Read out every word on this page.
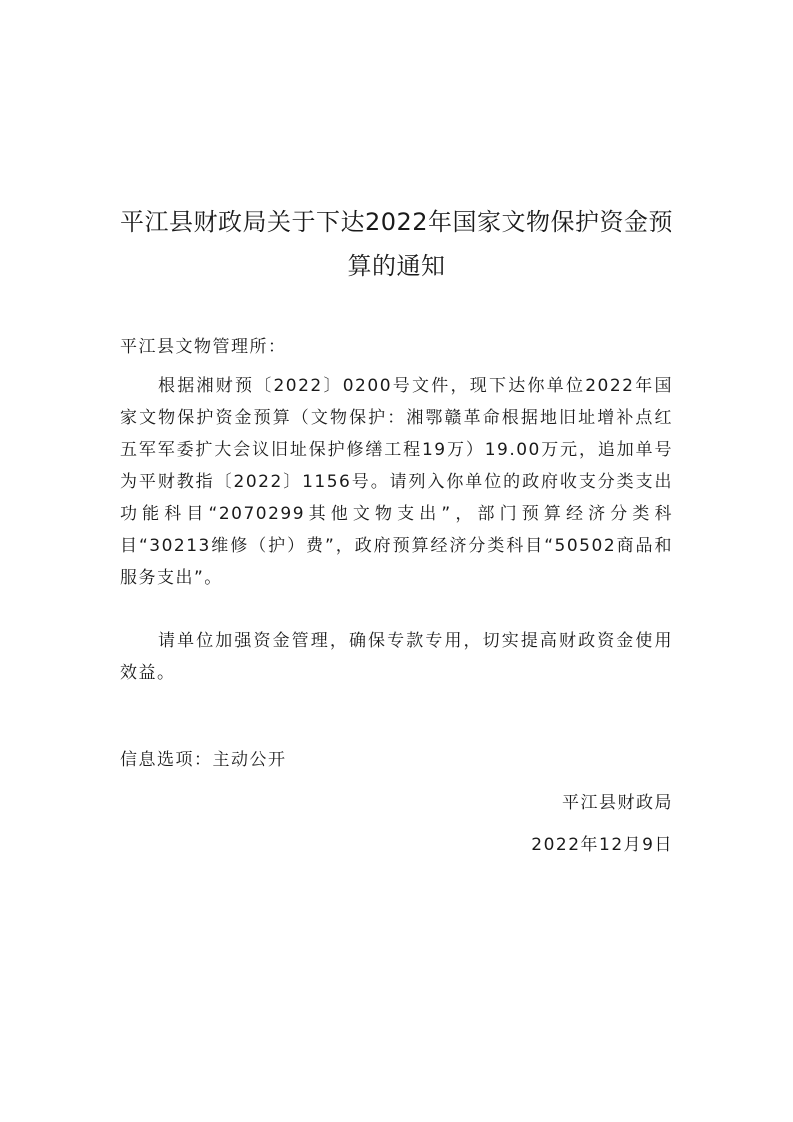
平江县财政局关于下达2022年国家文物保护资金预算的通知

平江县文物管理所：

根据湘财预〔2022〕0200号文件，现下达你单位2022年国家文物保护资金预算（文物保护：湘鄂赣革命根据地旧址增补点红五军军委扩大会议旧址保护修缮工程19万）19.00万元，追加单号为平财教指〔2022〕1156号。请列入你单位的政府收支分类支出功能科目“2070299其他文物支出”，部门预算经济分类科目“30213维修（护）费”，政府预算经济分类科目“50502商品和服务支出”。

请单位加强资金管理，确保专款专用，切实提高财政资金使用效益。

信息选项：主动公开

平江县财政局

2022年12月9日
